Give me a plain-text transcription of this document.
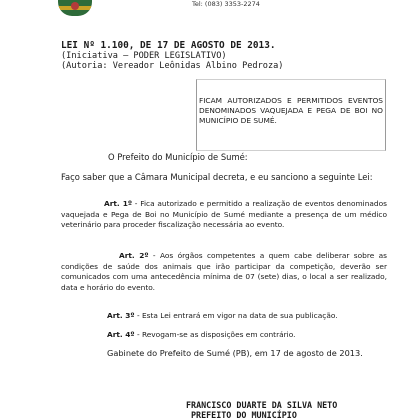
Tel: (083) 3353-2274
LEI Nº 1.100, DE 17 DE AGOSTO DE 2013.
(Iniciativa – PODER LEGISLATIVO)
(Autoria: Vereador Leônidas Albino Pedroza)
FICAM AUTORIZADOS E PERMITIDOS EVENTOS DENOMINADOS VAQUEJADA E PEGA DE BOI NO MUNICÍPIO DE SUMÉ.
O Prefeito do Município de Sumé:
Faço saber que a Câmara Municipal decreta, e eu sanciono a seguinte Lei:
Art. 1º - Fica autorizado e permitido a realização de eventos denominados vaquejada e Pega de Boi no Município de Sumé mediante a presença de um médico veterinário para proceder fiscalização necessária ao evento.
Art. 2º - Aos órgãos competentes a quem cabe deliberar sobre as condições de saúde dos animais que irão participar da competição, deverão ser comunicados com uma antecedência mínima de 07 (sete) dias, o local a ser realizado, data e horário do evento.
Art. 3º - Esta Lei entrará em vigor na data de sua publicação.
Art. 4º - Revogam-se as disposições em contrário.
Gabinete do Prefeito de Sumé (PB), em 17 de agosto de 2013.
FRANCISCO DUARTE DA SILVA NETO
PREFEITO DO MUNICÍPIO
